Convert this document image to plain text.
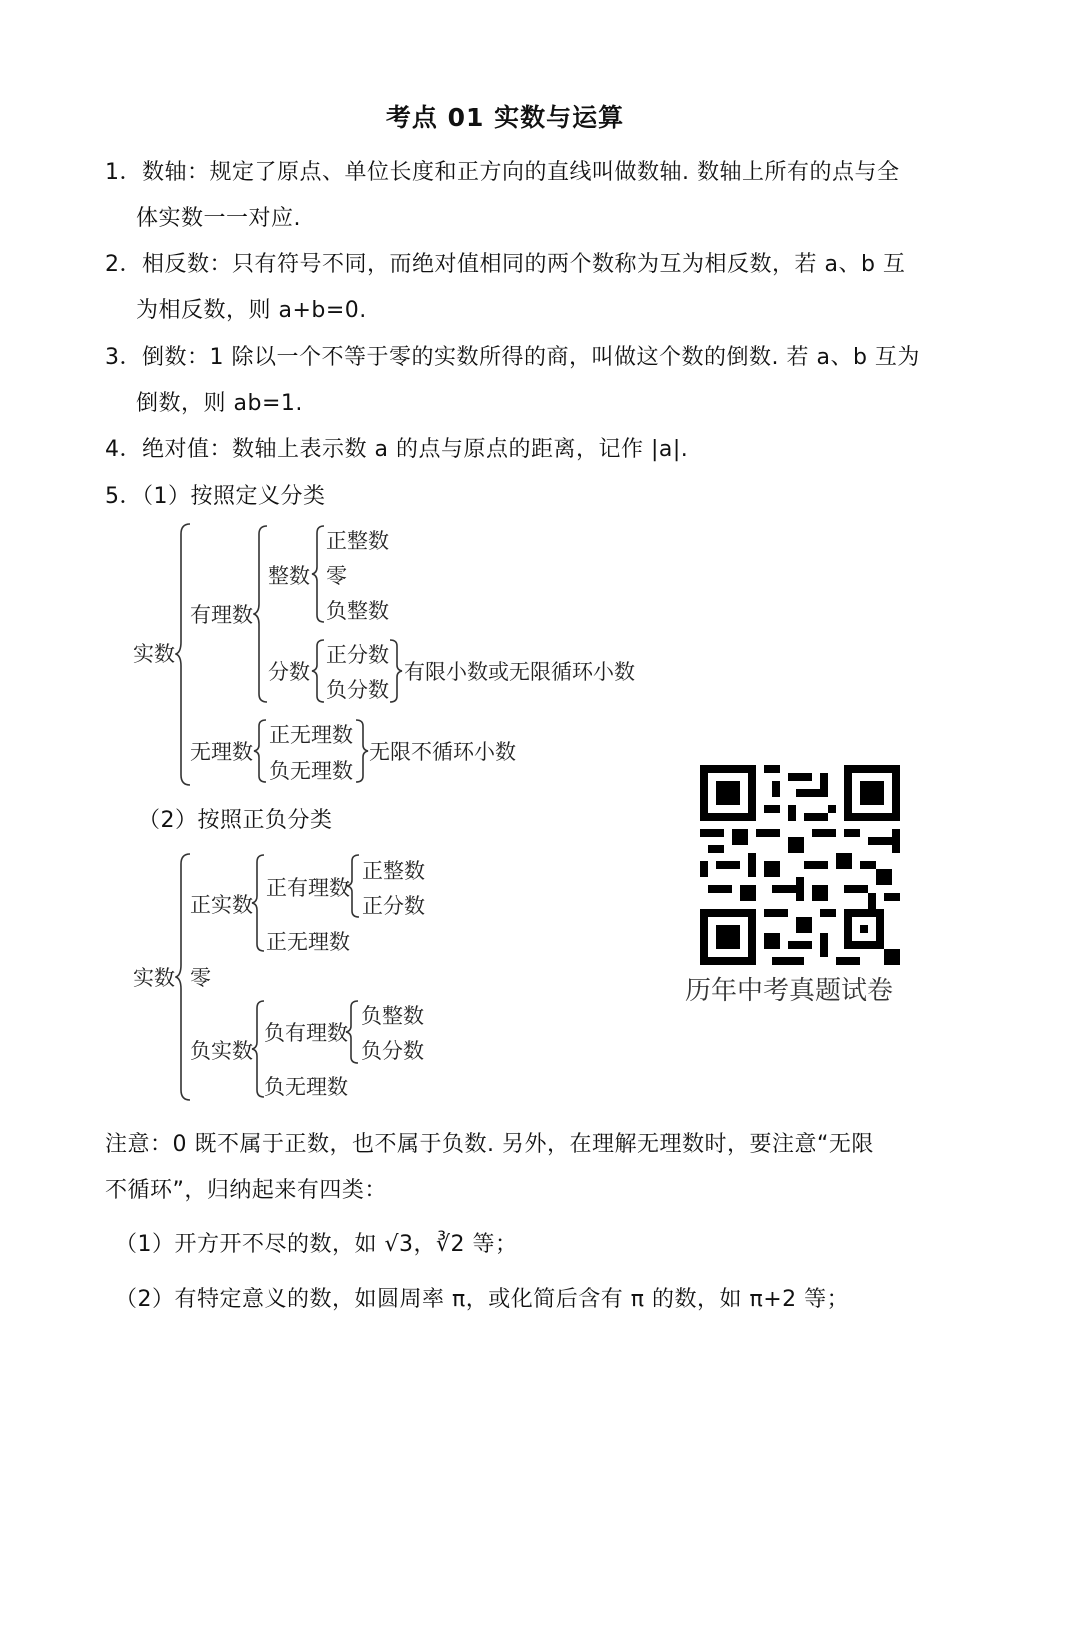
考点 01 实数与运算
1．数轴：规定了原点、单位长度和正方向的直线叫做数轴. 数轴上所有的点与全
体实数一一对应.
2．相反数：只有符号不同，而绝对值相同的两个数称为互为相反数，若 a、b 互
为相反数，则 a+b=0.
3．倒数：1 除以一个不等于零的实数所得的商，叫做这个数的倒数. 若 a、b 互为
倒数，则 ab=1.
4．绝对值：数轴上表示数 a 的点与原点的距离，记作 |a|.
5．（1）按照定义分类
实数
有理数
整数
正整数
零
负整数
分数
正分数
负分数
有限小数或无限循环小数
无理数
正无理数
负无理数
无限不循环小数
（2）按照正负分类
实数 零
正实数
正有理数
正无理数
正整数
正分数
负实数
负有理数
负无理数
负整数
负分数
历年中考真题试卷
注意：0 既不属于正数，也不属于负数. 另外，在理解无理数时，要注意“无限
不循环”，归纳起来有四类：
（1）开方开不尽的数，如 √3，∛2 等；
（2）有特定意义的数，如圆周率 π，或化简后含有 π 的数，如 π+2 等；
